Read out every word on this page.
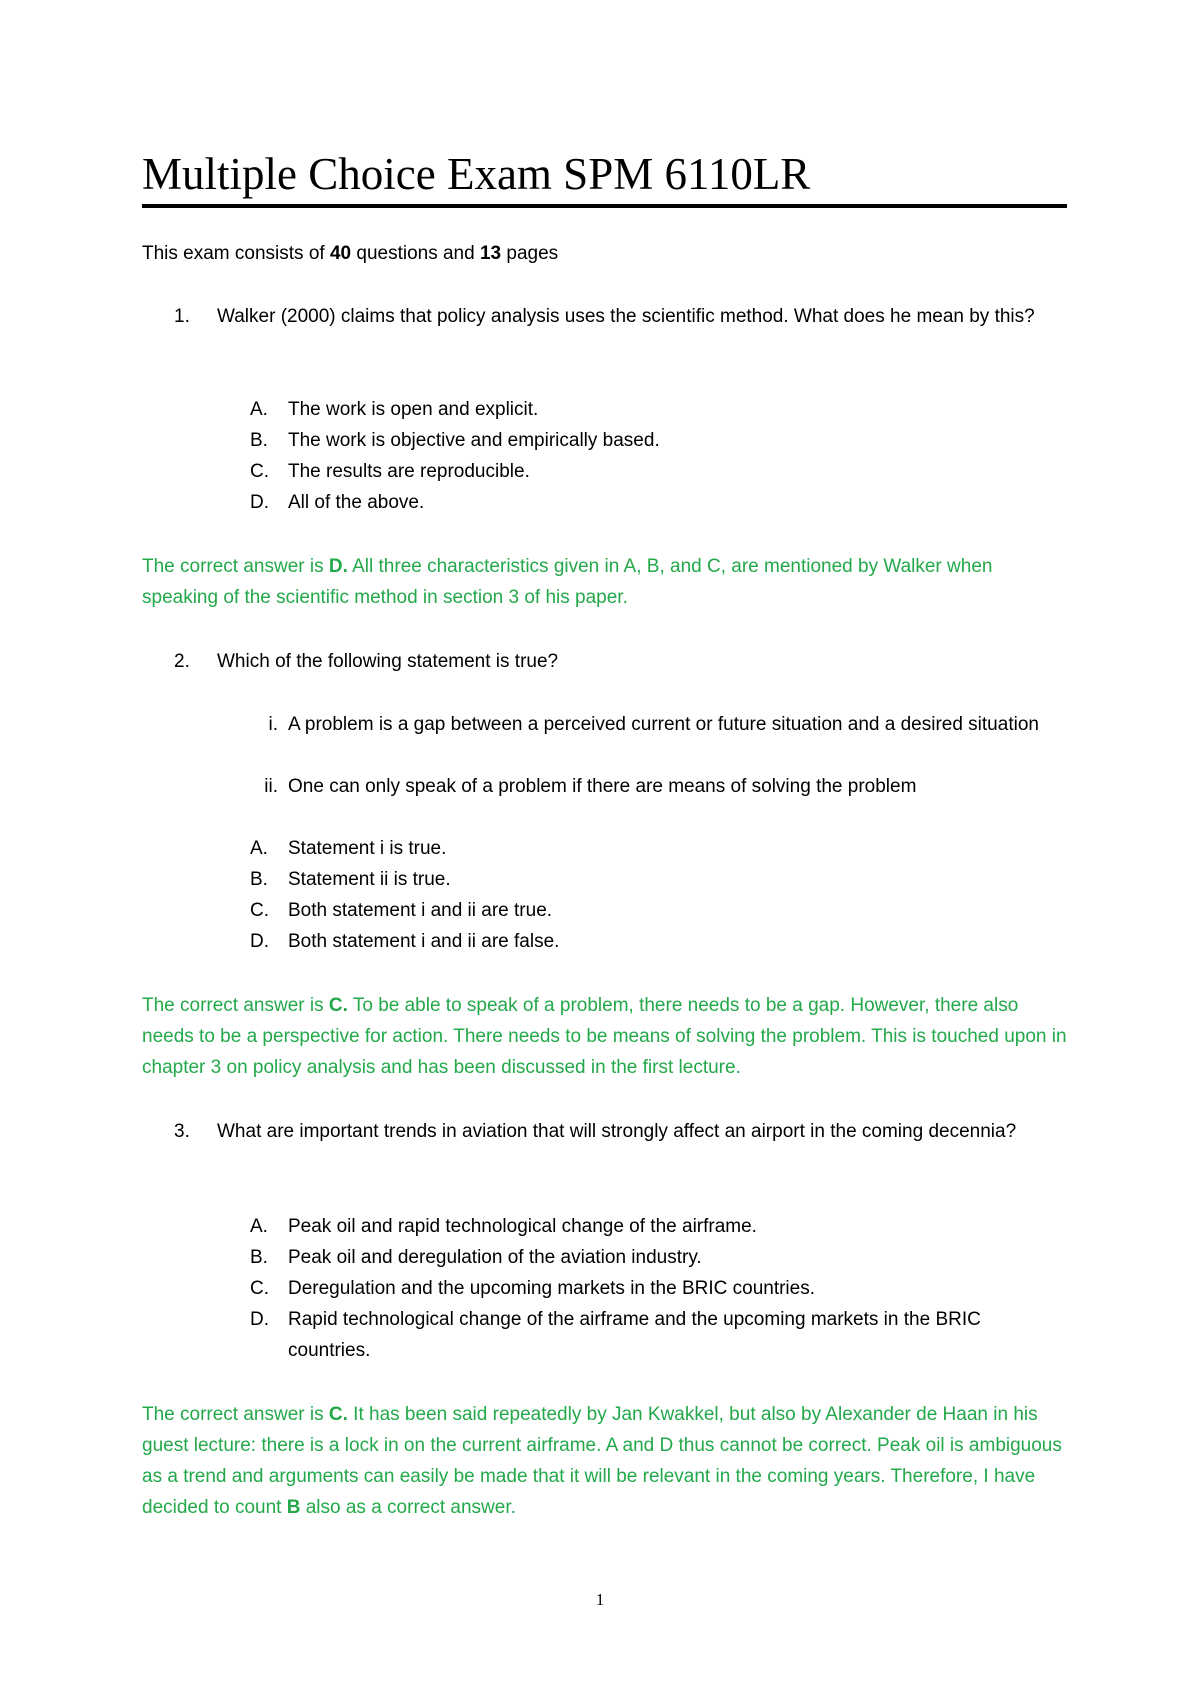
Multiple Choice Exam SPM 6110LR
This exam consists of 40 questions and 13 pages
1.	Walker (2000) claims that policy analysis uses the scientific method. What does he mean by this?
A.	The work is open and explicit.
B.	The work is objective and empirically based.
C.	The results are reproducible.
D.	All of the above.
The correct answer is D. All three characteristics given in A, B, and C, are mentioned by Walker when speaking of the scientific method in section 3 of his paper.
2.	Which of the following statement is true?
i. A problem is a gap between a perceived current or future situation and a desired situation
ii. One can only speak of a problem if there are means of solving the problem
A.	Statement i is true.
B.	Statement ii is true.
C.	Both statement i and ii are true.
D.	Both statement i and ii are false.
The correct answer is C. To be able to speak of a problem, there needs to be a gap. However, there also needs to be a perspective for action. There needs to be means of solving the problem. This is touched upon in chapter 3 on policy analysis and has been discussed in the first lecture.
3.	What are important trends in aviation that will strongly affect an airport in the coming decennia?
A.	Peak oil and rapid technological change of the airframe.
B.	Peak oil and deregulation of the aviation industry.
C.	Deregulation and the upcoming markets in the BRIC countries.
D.	Rapid technological change of the airframe and the upcoming markets in the BRIC countries.
The correct answer is C. It has been said repeatedly by Jan Kwakkel, but also by Alexander de Haan in his guest lecture: there is a lock in on the current airframe. A and D thus cannot be correct. Peak oil is ambiguous as a trend and arguments can easily be made that it will be relevant in the coming years. Therefore, I have decided to count B also as a correct answer.
1
